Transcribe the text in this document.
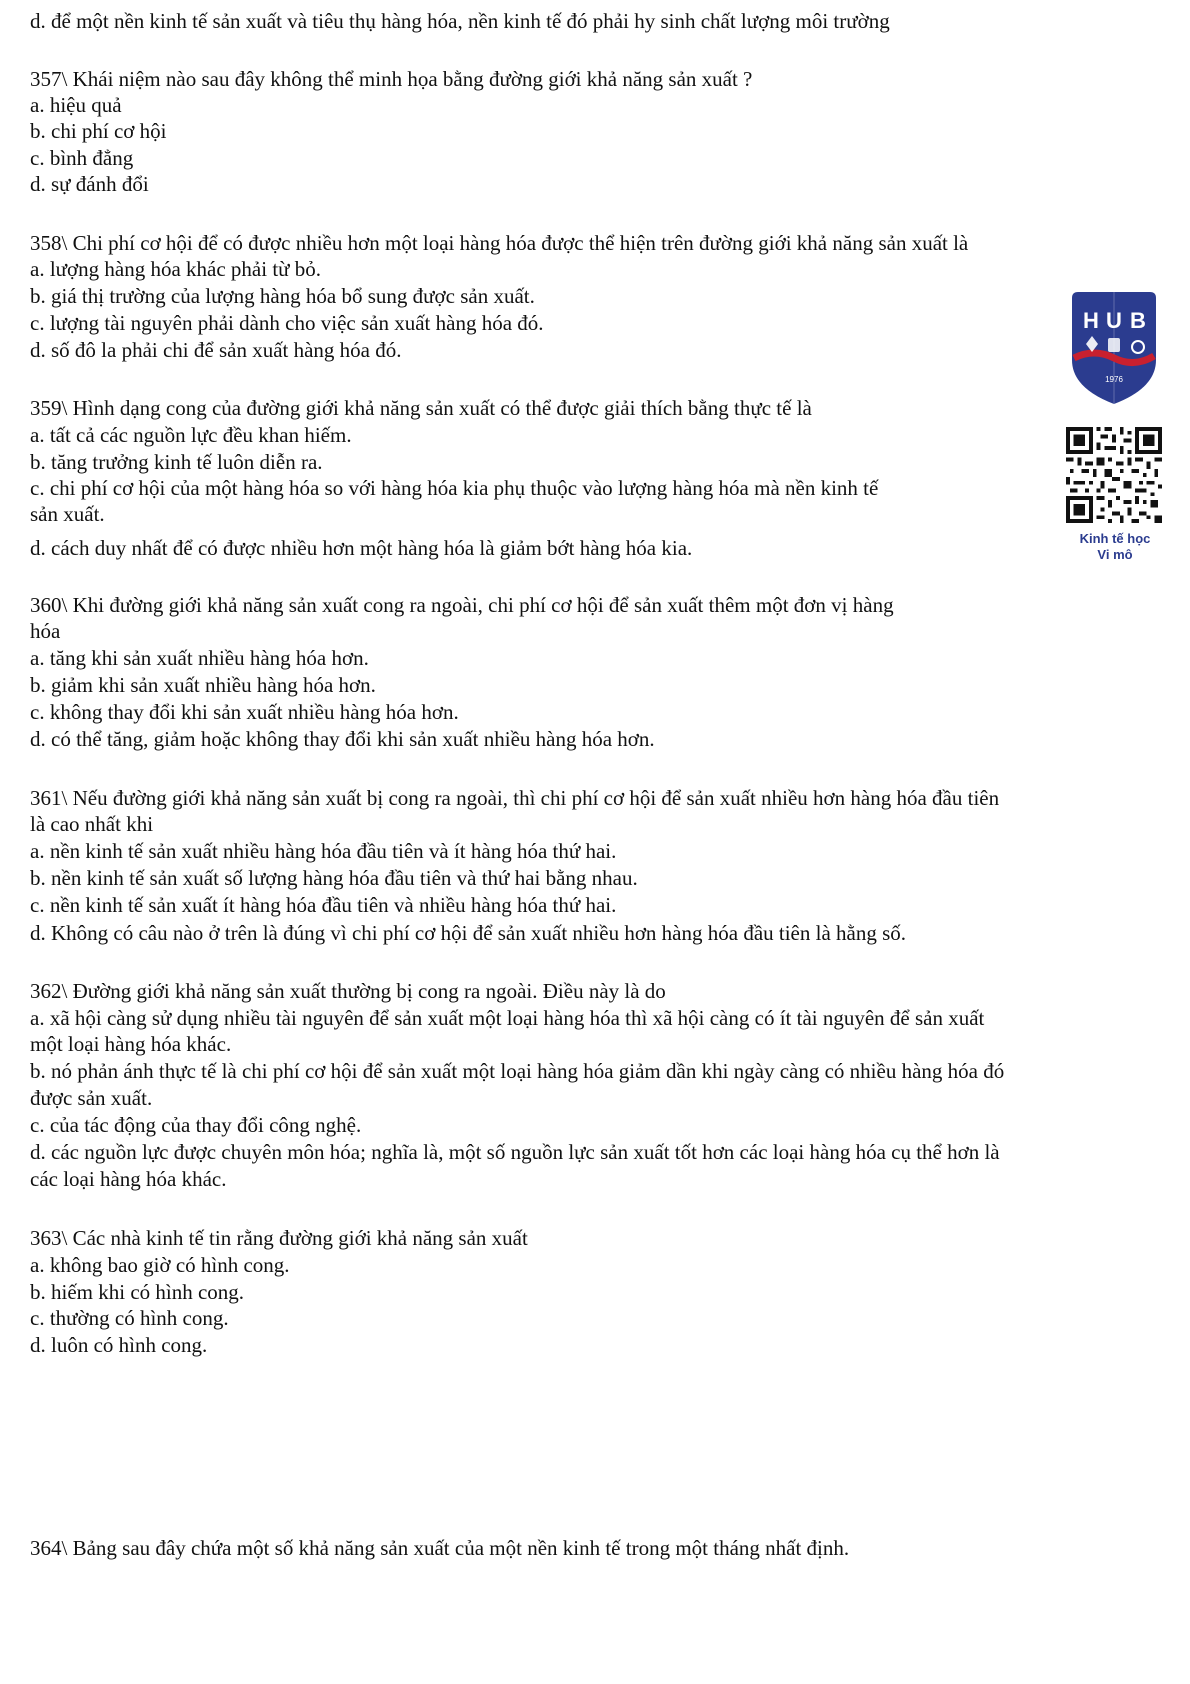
d. để một nền kinh tế sản xuất và tiêu thụ hàng hóa, nền kinh tế đó phải hy sinh chất lượng môi trường
357\ Khái niệm nào sau đây không thể minh họa bằng đường giới khả năng sản xuất ?
a. hiệu quả
b. chi phí cơ hội
c. bình đẳng
d. sự đánh đổi
358\ Chi phí cơ hội để có được nhiều hơn một loại hàng hóa được thể hiện trên đường giới khả năng sản xuất là
a. lượng hàng hóa khác phải từ bỏ.
b. giá thị trường của lượng hàng hóa bổ sung được sản xuất.
c. lượng tài nguyên phải dành cho việc sản xuất hàng hóa đó.
d. số đô la phải chi để sản xuất hàng hóa đó.
359\ Hình dạng cong của đường giới khả năng sản xuất có thể được giải thích bằng thực tế là
a. tất cả các nguồn lực đều khan hiếm.
b. tăng trưởng kinh tế luôn diễn ra.
c. chi phí cơ hội của một hàng hóa so với hàng hóa kia phụ thuộc vào lượng hàng hóa mà nền kinh tế
sản xuất.
d. cách duy nhất để có được nhiều hơn một hàng hóa là giảm bớt hàng hóa kia.
360\ Khi đường giới khả năng sản xuất cong ra ngoài, chi phí cơ hội để sản xuất thêm một đơn vị hàng
hóa
a. tăng khi sản xuất nhiều hàng hóa hơn.
b. giảm khi sản xuất nhiều hàng hóa hơn.
c. không thay đổi khi sản xuất nhiều hàng hóa hơn.
d. có thể tăng, giảm hoặc không thay đổi khi sản xuất nhiều hàng hóa hơn.
361\ Nếu đường giới khả năng sản xuất bị cong ra ngoài, thì chi phí cơ hội để sản xuất nhiều hơn hàng hóa đầu tiên
là cao nhất khi
a. nền kinh tế sản xuất nhiều hàng hóa đầu tiên và ít hàng hóa thứ hai.
b. nền kinh tế sản xuất số lượng hàng hóa đầu tiên và thứ hai bằng nhau.
c. nền kinh tế sản xuất ít hàng hóa đầu tiên và nhiều hàng hóa thứ hai.
d. Không có câu nào ở trên là đúng vì chi phí cơ hội để sản xuất nhiều hơn hàng hóa đầu tiên là hằng số.
362\ Đường giới khả năng sản xuất thường bị cong ra ngoài. Điều này là do
a. xã hội càng sử dụng nhiều tài nguyên để sản xuất một loại hàng hóa thì xã hội càng có ít tài nguyên để sản xuất
một loại hàng hóa khác.
b. nó phản ánh thực tế là chi phí cơ hội để sản xuất một loại hàng hóa giảm dần khi ngày càng có nhiều hàng hóa đó
được sản xuất.
c. của tác động của thay đổi công nghệ.
d. các nguồn lực được chuyên môn hóa; nghĩa là, một số nguồn lực sản xuất tốt hơn các loại hàng hóa cụ thể hơn là
các loại hàng hóa khác.
363\ Các nhà kinh tế tin rằng đường giới khả năng sản xuất
a. không bao giờ có hình cong.
b. hiếm khi có hình cong.
c. thường có hình cong.
d. luôn có hình cong.
364\ Bảng sau đây chứa một số khả năng sản xuất của một nền kinh tế trong một tháng nhất định.
H U B
1976
Kinh tế học
Vi mô
